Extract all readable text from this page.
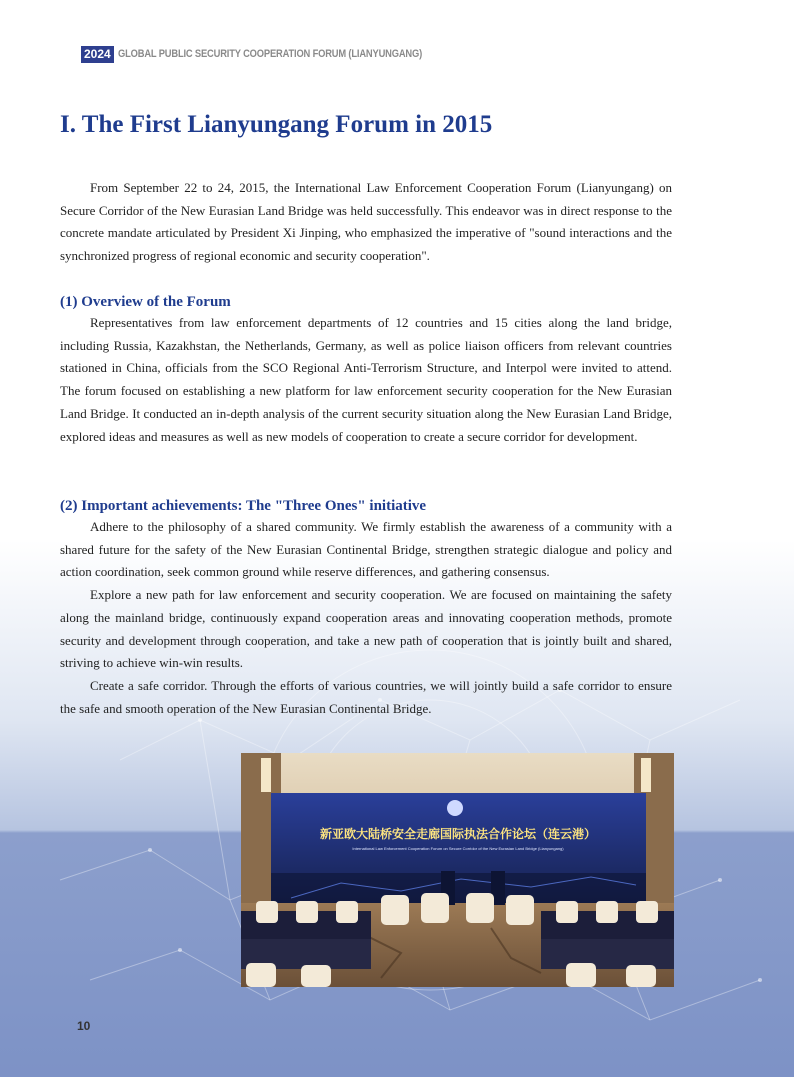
2024 GLOBAL PUBLIC SECURITY COOPERATION FORUM (LIANYUNGANG)
I. The First Lianyungang Forum in 2015

From September 22 to 24, 2015, the International Law Enforcement Cooperation Forum (Lianyungang) on Secure Corridor of the New Eurasian Land Bridge was held successfully. This endeavor was in direct response to the concrete mandate articulated by President Xi Jinping, who emphasized the imperative of "sound interactions and the synchronized progress of regional economic and security cooperation".

(1) Overview of the Forum

Representatives from law enforcement departments of 12 countries and 15 cities along the land bridge, including Russia, Kazakhstan, the Netherlands, Germany, as well as police liaison officers from relevant countries stationed in China, officials from the SCO Regional Anti-Terrorism Structure, and Interpol were invited to attend. The forum focused on establishing a new platform for law enforcement security cooperation for the New Eurasian Land Bridge. It conducted an in-depth analysis of the current security situation along the New Eurasian Land Bridge, explored ideas and measures as well as new models of cooperation to create a secure corridor for development.

(2) Important achievements: The "Three Ones" initiative

Adhere to the philosophy of a shared community. We firmly establish the awareness of a community with a shared future for the safety of the New Eurasian Continental Bridge, strengthen strategic dialogue and policy and action coordination, seek common ground while reserve differences, and gathering consensus.

Explore a new path for law enforcement and security cooperation. We are focused on maintaining the safety along the mainland bridge, continuously expand cooperation areas and innovating cooperation methods, promote security and development through cooperation, and take a new path of cooperation that is jointly built and shared, striving to achieve win-win results.

Create a safe corridor. Through the efforts of various countries, we will jointly build a safe corridor to ensure the safe and smooth operation of the New Eurasian Continental Bridge.

新亚欧大陆桥安全走廊国际执法合作论坛（连云港）
International Law Enforcement Cooperation Forum on Secure Corridor of the New Eurasian Land Bridge (Lianyungang)
10
